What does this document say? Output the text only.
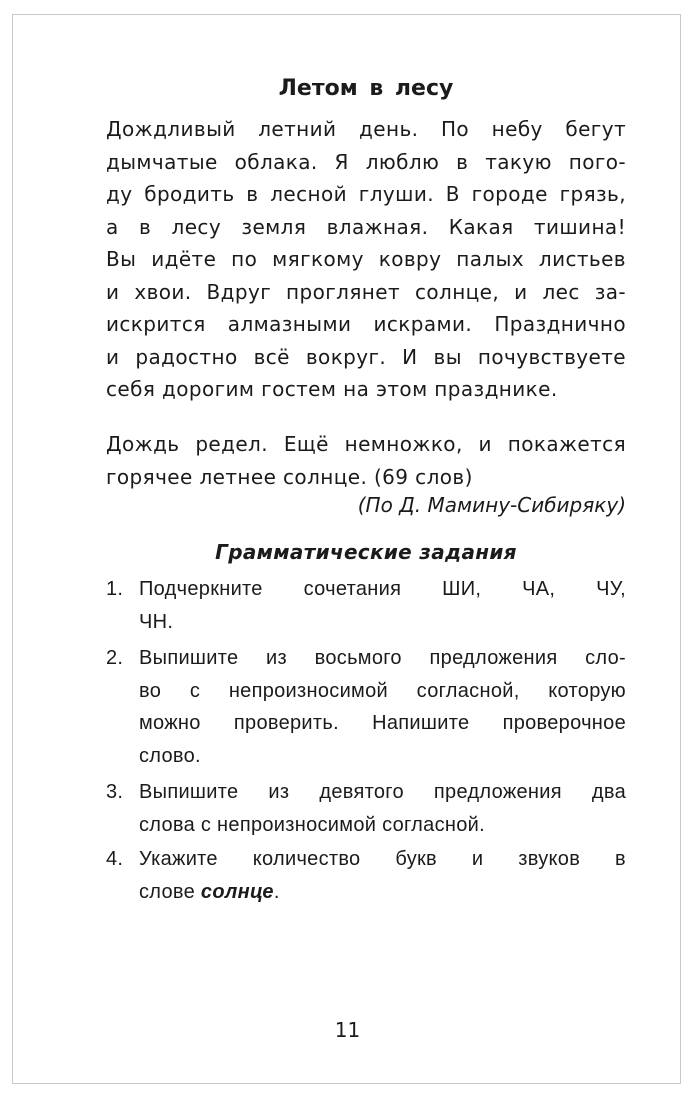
Летом в лесу
Дождливый летний день. По небу бегут
дымчатые облака. Я люблю в такую пого-
ду бродить в лесной глуши. В городе грязь,
а в лесу земля влажная. Какая тишина!
Вы идёте по мягкому ковру палых листьев
и хвои. Вдруг проглянет солнце, и лес за-
искрится алмазными искрами. Празднично
и радостно всё вокруг. И вы почувствуете
себя дорогим гостем на этом празднике.
Дождь редел. Ещё немножко, и покажется
горячее летнее солнце. (69 слов)
(По Д. Мамину-Сибиряку)
Грамматические задания
1. Подчеркните сочетания ШИ, ЧА, ЧУ,
ЧН.
2. Выпишите из восьмого предложения сло-
во с непроизносимой согласной, которую
можно проверить. Напишите проверочное
слово.
3. Выпишите из девятого предложения два
слова с непроизносимой согласной.
4. Укажите количество букв и звуков в
слове солнце.
11
